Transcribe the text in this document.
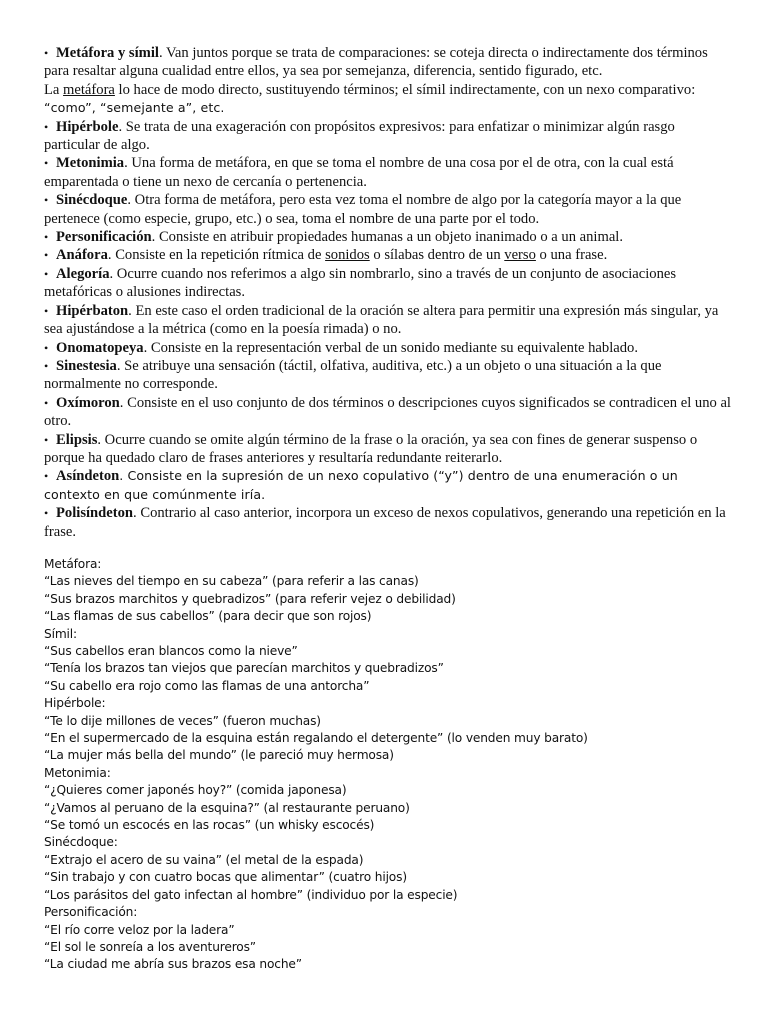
• Metáfora y símil. Van juntos porque se trata de comparaciones: se coteja directa o indirectamente dos términos para resaltar alguna cualidad entre ellos, ya sea por semejanza, diferencia, sentido figurado, etc.

La metáfora lo hace de modo directo, sustituyendo términos; el símil indirectamente, con un nexo comparativo: “como”, “semejante a”, etc.

• Hipérbole. Se trata de una exageración con propósitos expresivos: para enfatizar o minimizar algún rasgo particular de algo.

• Metonimia. Una forma de metáfora, en que se toma el nombre de una cosa por el de otra, con la cual está emparentada o tiene un nexo de cercanía o pertenencia.

• Sinécdoque. Otra forma de metáfora, pero esta vez toma el nombre de algo por la categoría mayor a la que pertenece (como especie, grupo, etc.) o sea, toma el nombre de una parte por el todo.

• Personificación. Consiste en atribuir propiedades humanas a un objeto inanimado o a un animal.

• Anáfora. Consiste en la repetición rítmica de sonidos o sílabas dentro de un verso o una frase.

• Alegoría. Ocurre cuando nos referimos a algo sin nombrarlo, sino a través de un conjunto de asociaciones metafóricas o alusiones indirectas.

• Hipérbaton. En este caso el orden tradicional de la oración se altera para permitir una expresión más singular, ya sea ajustándose a la métrica (como en la poesía rimada) o no.

• Onomatopeya. Consiste en la representación verbal de un sonido mediante su equivalente hablado.

• Sinestesia. Se atribuye una sensación (táctil, olfativa, auditiva, etc.) a un objeto o una situación a la que normalmente no corresponde.

• Oxímoron. Consiste en el uso conjunto de dos términos o descripciones cuyos significados se contradicen el uno al otro.

• Elipsis. Ocurre cuando se omite algún término de la frase o la oración, ya sea con fines de generar suspenso o porque ha quedado claro de frases anteriores y resultaría redundante reiterarlo.

• Asíndeton. Consiste en la supresión de un nexo copulativo (“y”) dentro de una enumeración o un contexto en que comúnmente iría.

• Polisíndeton. Contrario al caso anterior, incorpora un exceso de nexos copulativos, generando una repetición en la frase.

Metáfora:
“Las nieves del tiempo en su cabeza” (para referir a las canas)
“Sus brazos marchitos y quebradizos” (para referir vejez o debilidad)
“Las flamas de sus cabellos” (para decir que son rojos)
Símil:
“Sus cabellos eran blancos como la nieve”
“Tenía los brazos tan viejos que parecían marchitos y quebradizos”
“Su cabello era rojo como las flamas de una antorcha”
Hipérbole:
“Te lo dije millones de veces” (fueron muchas)
“En el supermercado de la esquina están regalando el detergente” (lo venden muy barato)
“La mujer más bella del mundo” (le pareció muy hermosa)
Metonimia:
“¿Quieres comer japonés hoy?” (comida japonesa)
“¿Vamos al peruano de la esquina?” (al restaurante peruano)
“Se tomó un escocés en las rocas” (un whisky escocés)
Sinécdoque:
“Extrajo el acero de su vaina” (el metal de la espada)
“Sin trabajo y con cuatro bocas que alimentar” (cuatro hijos)
“Los parásitos del gato infectan al hombre” (individuo por la especie)
Personificación:
“El río corre veloz por la ladera”
“El sol le sonreía a los aventureros”
“La ciudad me abría sus brazos esa noche”
